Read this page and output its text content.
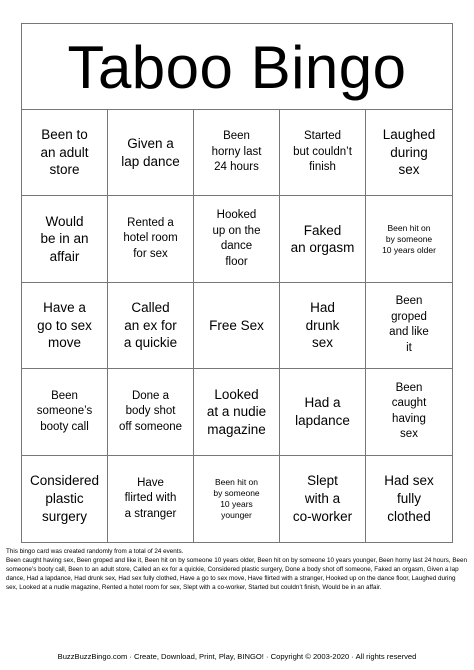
Taboo Bingo
Been to
an adult
store
Given a
lap dance
Been
horny last
24 hours
Started
but couldn’t
finish
Laughed
during
sex
Would
be in an
affair
Rented a
hotel room
for sex
Hooked
up on the
dance
floor
Faked
an orgasm
Been hit on
by someone
10 years older
Have a
go to sex
move
Called
an ex for
a quickie
Free Sex
Had
drunk
sex
Been
groped
and like
it
Been
someone’s
booty call
Done a
body shot
off someone
Looked
at a nudie
magazine
Had a
lapdance
Been
caught
having
sex
Considered
plastic
surgery
Have
flirted with
a stranger
Been hit on
by someone
10 years
younger
Slept
with a
co-worker
Had sex
fully
clothed

This bingo card was created randomly from a total of 24 events.

Been caught having sex, Been groped and like it, Been hit on by someone 10 years older, Been hit on by someone 10 years younger, Been horny last 24 hours, Been someone’s booty call, Been to an adult store, Called an ex for a quickie, Considered plastic surgery, Done a body shot off someone, Faked an orgasm, Given a lap dance, Had a lapdance, Had drunk sex, Had sex fully clothed, Have a go to sex move, Have flirted with a stranger, Hooked up on the dance floor, Laughed during sex, Looked at a nudie magazine, Rented a hotel room for sex, Slept with a co-worker, Started but couldn’t finish, Would be in an affair.

BuzzBuzzBingo.com · Create, Download, Print, Play, BINGO! · Copyright © 2003-2020 · All rights reserved
